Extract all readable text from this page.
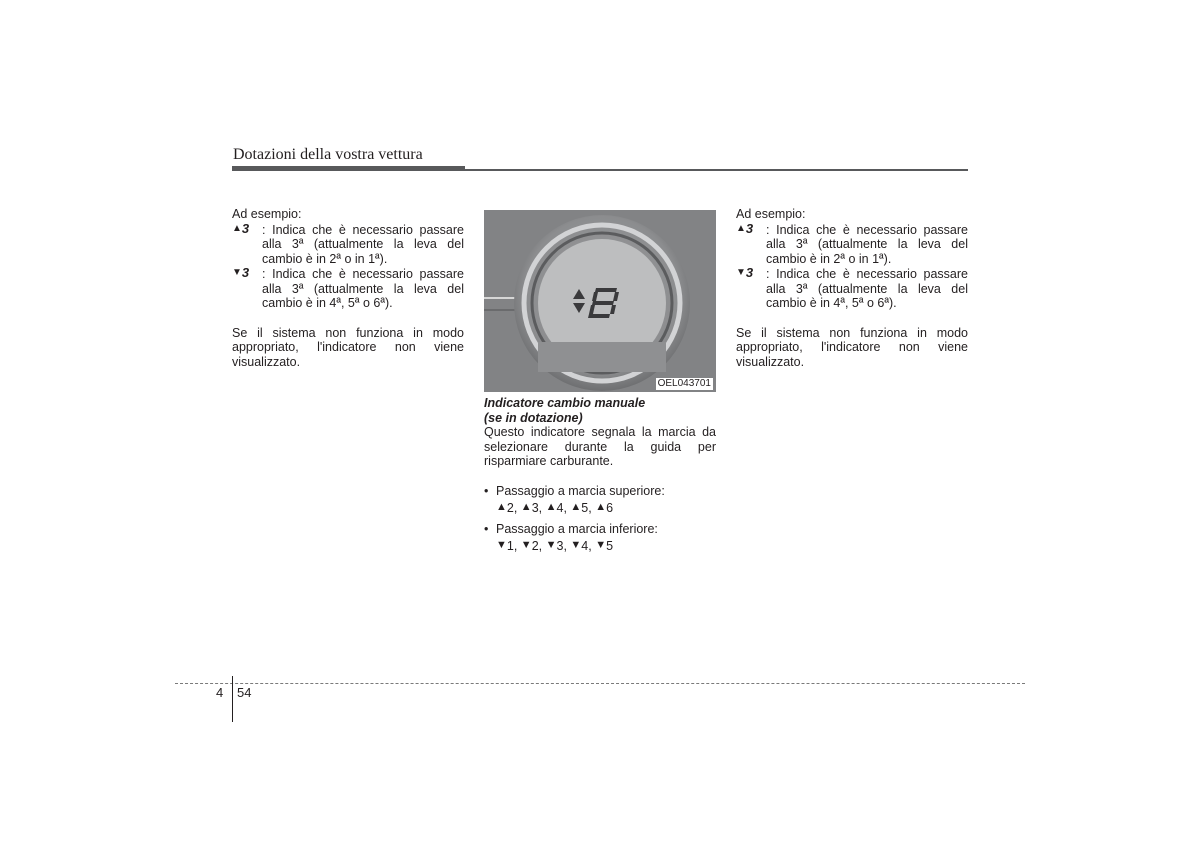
Dotazioni della vostra vettura

Ad esempio:

▲3 : Indica che è necessario passare alla 3ª (attualmente la leva del cambio è in 2ª o in 1ª).
▼3 : Indica che è necessario passare alla 3ª (attualmente la leva del cambio è in 4ª, 5ª o 6ª).

Se il sistema non funziona in modo appropriato, l'indicatore non viene visualizzato.

OEL043701

Indicatore cambio manuale

(se in dotazione)

Questo indicatore segnala la marcia da selezionare durante la guida per risparmiare carburante.

• Passaggio a marcia superiore:

▲2, ▲3, ▲4, ▲5, ▲6

• Passaggio a marcia inferiore:

▼1, ▼2, ▼3, ▼4, ▼5

Ad esempio:

▲3 : Indica che è necessario passare alla 3ª (attualmente la leva del cambio è in 2ª o in 1ª).
▼3 : Indica che è necessario passare alla 3ª (attualmente la leva del cambio è in 4ª, 5ª o 6ª).

Se il sistema non funziona in modo appropriato, l'indicatore non viene visualizzato.

4 54
